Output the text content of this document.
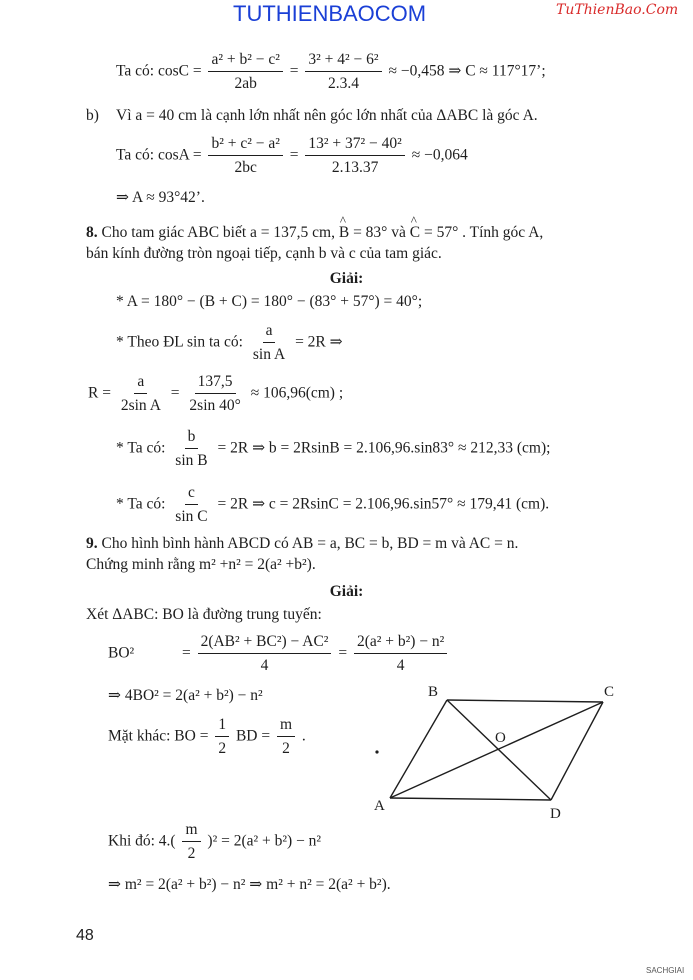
TUTHIENBAOCOM	TuThienBao.Com
Ta có: $\cos C = \frac{\text{a² + b² − c²}}{2ab} = \frac{\text{3² + 4² − 6²}}{2.3.4} \approx -0,458$ ⇒ C ≈ 117°17’;
b) Vì a = 40 cm là cạnh lớn nhất nên góc lớn nhất của ΔABC là góc A.
Ta có: $\cos A = \frac{\text{b² + c² − a²}}{2bc} = \frac{\text{13² + 37² − 40²}}{2.13.37} \approx -0,064$
⇒ A ≈ 93°42’.
8. Cho tam giác ABC biết a = 137,5 cm, ^ B = 83° và ^ C = 57° . Tính góc A,
bán kính đường tròn ngoại tiếp, cạnh b và c của tam giác.
Giải:
* A = 180° − (B + C) = 180° − (83° + 57°) = 40°;
* Theo ĐL sin ta có: $\frac{a}{\text{sin A}} = 2R$ ⇒
$R = \frac{a}{\text{2sin A}} = \frac{137,5}{2\sin 40^\circ} \approx 106,96(cm)$ ;
* Ta có: $\frac{b}{\text{sin B}} = 2R$ ⇒ b = 2RsinB = 2.106,96.sin83° ≈ 212,33 (cm);
* Ta có: $\frac{c}{\text{sin C}} = 2R$ ⇒ c = 2RsinC = 2.106,96.sin57° ≈ 179,41 (cm).
9. Cho hình bình hành ABCD có AB = a, BC = b, BD = m và AC = n.
Chứng minh rằng m² +n² = 2(a² +b²).
Giải:
Xét ΔABC: BO là đường trung tuyến:
BO²	= $\frac{\text{2(AB² + BC²) − AC²}}{4} = \frac{\text{2(a² + b²) − n²}}{4}$
⇒ 4BO² = 2(a² + b²) − n²
Mặt khác: BO = $\frac{1}{2}$ BD = $\frac{m}{2}$ .
Khi đó: $4.( \frac{m}{2} )^2 = 2(a^2 + b^2) - n^2$
⇒ m² = 2(a² + b²) − n² ⇒ m² + n² = 2(a² + b²).
B	C
O
A	D
48
SACHGIAI
